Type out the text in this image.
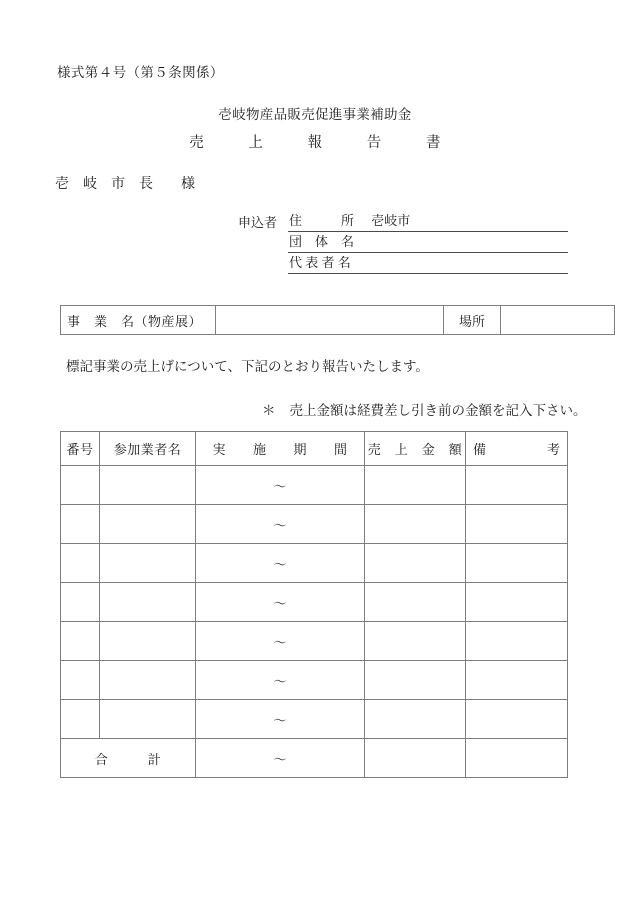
様式第４号（第５条関係）
壱岐物産品販売促進事業補助金
売　　　上　　　報　　　告　　　書
壱　岐　市　長　　様
申込者 住　　　所 壱岐市
団　体　名
代 表 者 名
事　業　名（物産展）		場所	
標記事業の売上げについて、下記のとおり報告いたします。
＊ 売上金額は経費差し引き前の金額を記入下さい。
番号	参加業者名	実　　施　　期　　間	売　上　金　額	備 考

		〜		
		〜		
		〜		
		〜		
		〜		
		〜		
		〜		

合 計		〜		
